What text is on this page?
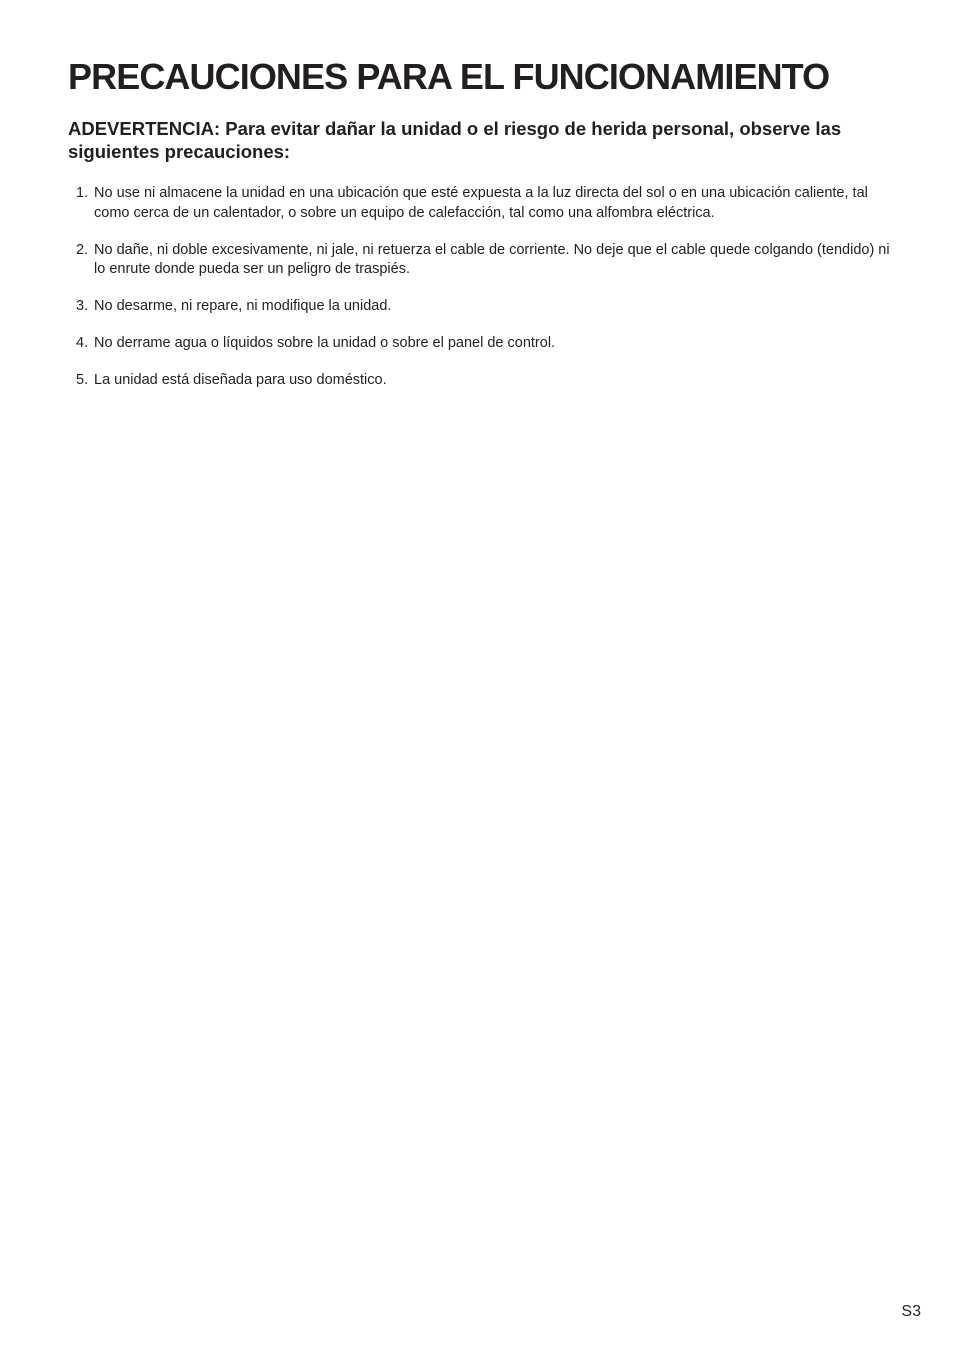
PRECAUCIONES PARA EL FUNCIONAMIENTO

ADEVERTENCIA: Para evitar dañar la unidad o el riesgo de herida personal, observe las siguientes precauciones:

1. No use ni almacene la unidad en una ubicación que esté expuesta a la luz directa del sol o en una ubicación caliente, tal como cerca de un calentador, o sobre un equipo de calefacción, tal como una alfombra eléctrica.
2. No dañe, ni doble excesivamente, ni jale, ni retuerza el cable de corriente. No deje que el cable quede colgando (tendido) ni lo enrute donde pueda ser un peligro de traspiés.
3. No desarme, ni repare, ni modifique la unidad.
4. No derrame agua o líquidos sobre la unidad o sobre el panel de control.
5. La unidad está diseñada para uso doméstico.
S3
